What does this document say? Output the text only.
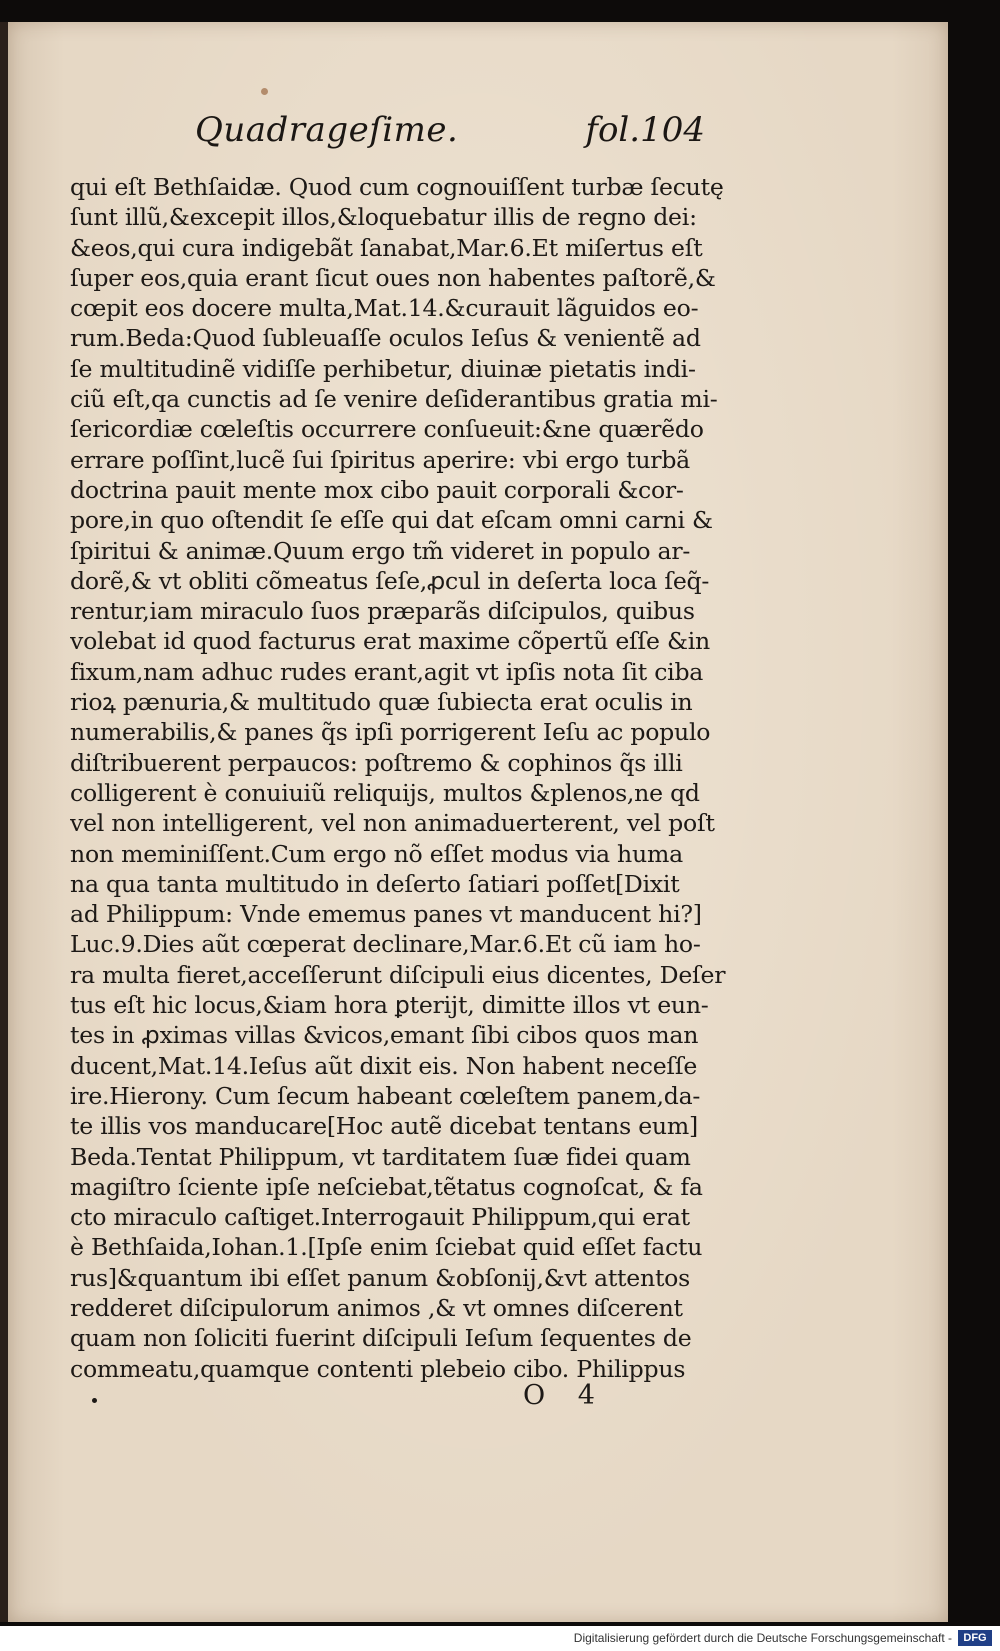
Quadrageſime.	fol.104
qui eſt Bethſaidæ. Quod cum cognouiſſent turbæ ſecutę
ſunt illũ,&excepit illos,&loquebatur illis de regno dei:
&eos,qui cura indigebãt ſanabat,Mar.6.Et miſertus eſt
ſuper eos,quia erant ſicut oues non habentes paſtorẽ,&
cœpit eos docere multa,Mat.14.&curauit lãguidos eo-
rum.Beda:Quod ſubleuaſſe oculos Ieſus & venientẽ ad
ſe multitudinẽ vidiſſe perhibetur, diuinæ pietatis indi-
ciũ eſt,qa cunctis ad ſe venire deſiderantibus gratia mi-
ſericordiæ cœleſtis occurrere conſueuit:&ne quærẽdo
errare poſſint,lucẽ ſui ſpiritus aperire: vbi ergo turbã
doctrina pauit mente mox cibo pauit corporali &cor-
pore,in quo oſtendit ſe eſſe qui dat eſcam omni carni &
ſpiritui & animæ.Quum ergo tm̃ videret in populo ar-
dorẽ,& vt obliti cõmeatus ſeſe,ꝓcul in deſerta loca ſeq̃-
rentur,iam miraculo ſuos præparãs diſcipulos, quibus
volebat id quod facturus erat maxime cõpertũ eſſe &in
fixum,nam adhuc rudes erant,agit vt ipſis nota ſit ciba
rioꝝ pænuria,& multitudo quæ ſubiecta erat oculis in
numerabilis,& panes q̃s ipſi porrigerent Ieſu ac populo
diſtribuerent perpaucos: poſtremo & cophinos q̃s illi
colligerent è conuiuiũ reliquijs, multos &plenos,ne qd
vel non intelligerent, vel non animaduerterent, vel poſt
non meminiſſent.Cum ergo nõ eſſet modus via huma
na qua tanta multitudo in deſerto ſatiari poſſet[Dixit
ad Philippum: Vnde ememus panes vt manducent hi?]
Luc.9.Dies aũt cœperat declinare,Mar.6.Et cũ iam ho-
ra multa fieret,acceſſerunt diſcipuli eius dicentes, Deſer
tus eſt hic locus,&iam hora ꝑterijt, dimitte illos vt eun-
tes in ꝓximas villas &vicos,emant ſibi cibos quos man
ducent,Mat.14.Ieſus aũt dixit eis. Non habent neceſſe
ire.Hierony. Cum ſecum habeant cœleſtem panem,da-
te illis vos manducare[Hoc autẽ dicebat tentans eum]
Beda.Tentat Philippum, vt tarditatem ſuæ fidei quam
magiſtro ſciente ipſe neſciebat,tẽtatus cognoſcat, & fa
cto miraculo caſtiget.Interrogauit Philippum,qui erat
è Bethſaida,Iohan.1.[Ipſe enim ſciebat quid eſſet factu
rus]&quantum ibi eſſet panum &obſonij,&vt attentos
redderet diſcipulorum animos ,& vt omnes diſcerent
quam non ſoliciti fuerint diſcipuli Ieſum ſequentes de
commeatu,quamque contenti plebeio cibo. Philippus
O 4
Digitalisierung gefördert durch die Deutsche Forschungsgemeinschaft -	DFG
